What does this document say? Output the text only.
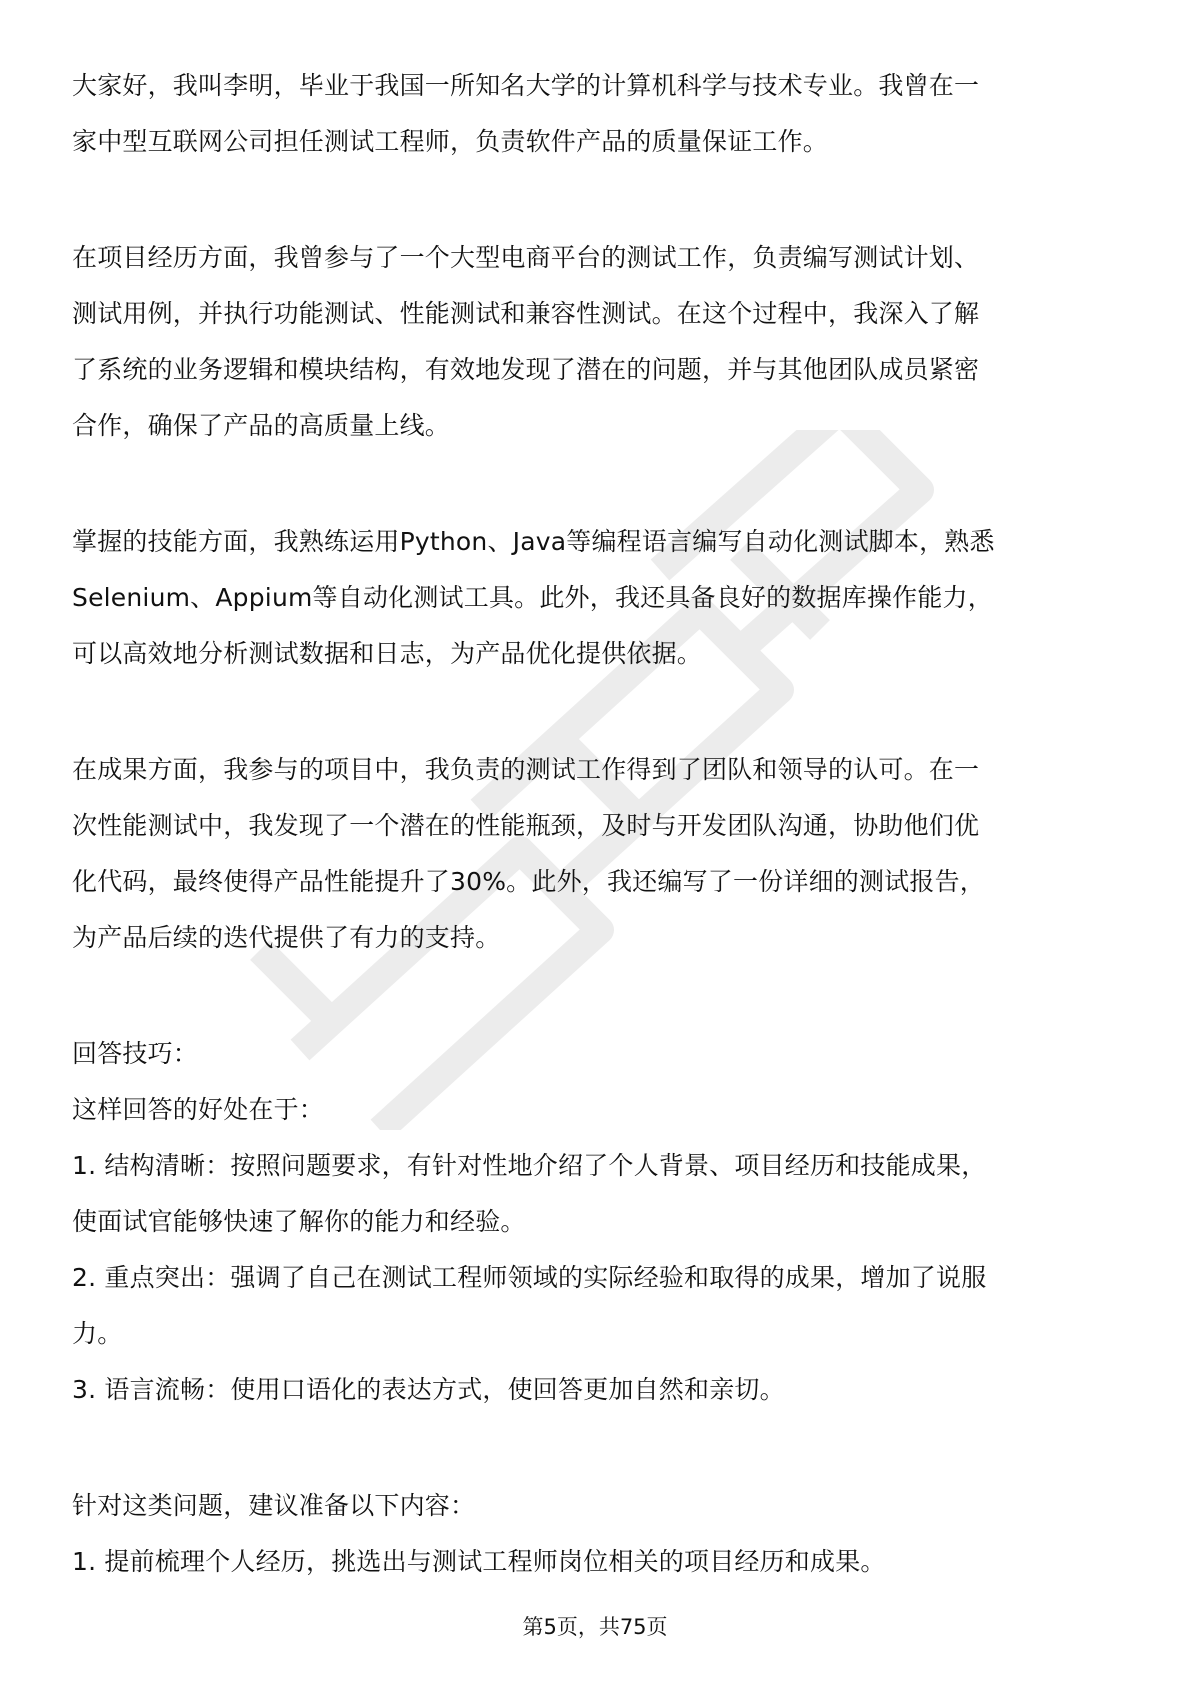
大家好，我叫李明，毕业于我国一所知名大学的计算机科学与技术专业。我曾在一
家中型互联网公司担任测试工程师，负责软件产品的质量保证工作。

在项目经历方面，我曾参与了一个大型电商平台的测试工作，负责编写测试计划、
测试用例，并执行功能测试、性能测试和兼容性测试。在这个过程中，我深入了解
了系统的业务逻辑和模块结构，有效地发现了潜在的问题，并与其他团队成员紧密
合作，确保了产品的高质量上线。

掌握的技能方面，我熟练运用Python、Java等编程语言编写自动化测试脚本，熟悉
Selenium、Appium等自动化测试工具。此外，我还具备良好的数据库操作能力，
可以高效地分析测试数据和日志，为产品优化提供依据。

在成果方面，我参与的项目中，我负责的测试工作得到了团队和领导的认可。在一
次性能测试中，我发现了一个潜在的性能瓶颈，及时与开发团队沟通，协助他们优
化代码，最终使得产品性能提升了30%。此外，我还编写了一份详细的测试报告，
为产品后续的迭代提供了有力的支持。

回答技巧：
这样回答的好处在于：
1. 结构清晰：按照问题要求，有针对性地介绍了个人背景、项目经历和技能成果，
使面试官能够快速了解你的能力和经验。
2. 重点突出：强调了自己在测试工程师领域的实际经验和取得的成果，增加了说服
力。
3. 语言流畅：使用口语化的表达方式，使回答更加自然和亲切。

针对这类问题，建议准备以下内容：
1. 提前梳理个人经历，挑选出与测试工程师岗位相关的项目经历和成果。

第5页，共75页
